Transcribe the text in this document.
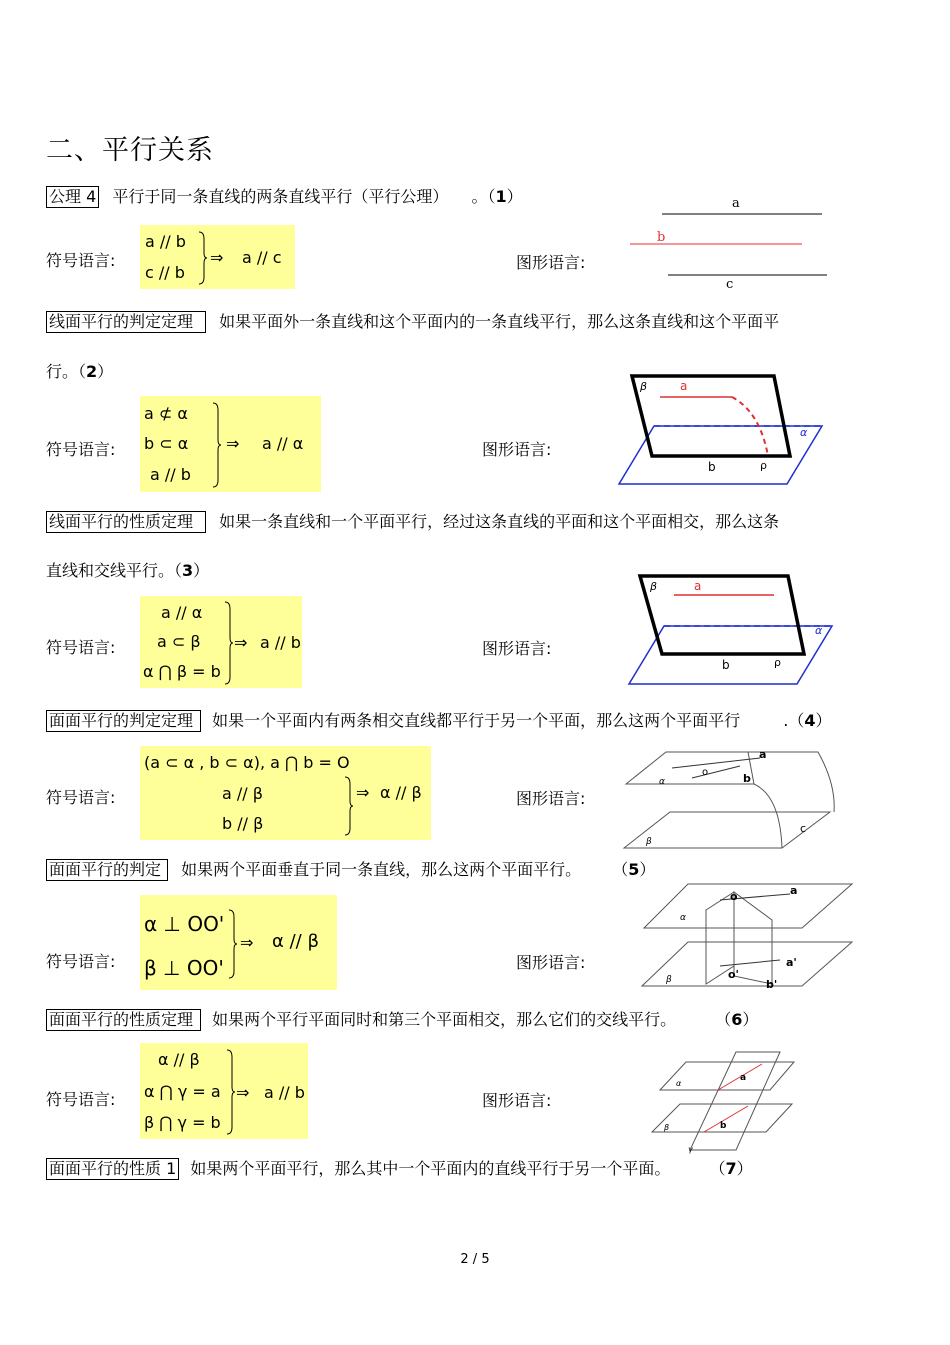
二、平行关系
公理 4 平行于同一条直线的两条直线平行（平行公理） 。（1）
符号语言:
a // b
c // b
⇒ a // c	图形语言:
a
b
c
线面平行的判定定理 如果平面外一条直线和这个平面内的一条直线平行，那么这条直线和这个平面平
行。（2）
符号语言:
a ⊄ α
b ⊂ α
a // b
⇒ a // α	图形语言:
β	a
α
b	ρ
线面平行的性质定理 如果一条直线和一个平面平行，经过这条直线的平面和这个平面相交，那么这条
直线和交线平行。（3）
符号语言:
a // α
a ⊂ β
α ⋂ β = b
⇒ a // b	图形语言:
β	a
α
b	ρ
面面平行的判定定理 如果一个平面内有两条相交直线都平行于另一个平面，那么这两个平面平行	.（4）
符号语言:
(a ⊂ α , b ⊂ α), a ⋂ b = O
a // β
b // β
⇒ α // β	图形语言:
a
o	b
α
c
β
面面平行的判定 如果两个平面垂直于同一条直线，那么这两个平面平行。 （5）
符号语言:
α ⊥ OO'
β ⊥ OO'
⇒ α // β
图形语言:
o	a
α
a'
o'
b'
β
面面平行的性质定理 如果两个平行平面同时和第三个平面相交，那么它们的交线平行。 （6）
符号语言:
α // β
α ⋂ γ = a
β ⋂ γ = b
⇒ a // b	图形语言:
α
a
β	b
γ
面面平行的性质 1 如果两个平面平行，那么其中一个平面内的直线平行于另一个平面。 （7）
2 / 5
